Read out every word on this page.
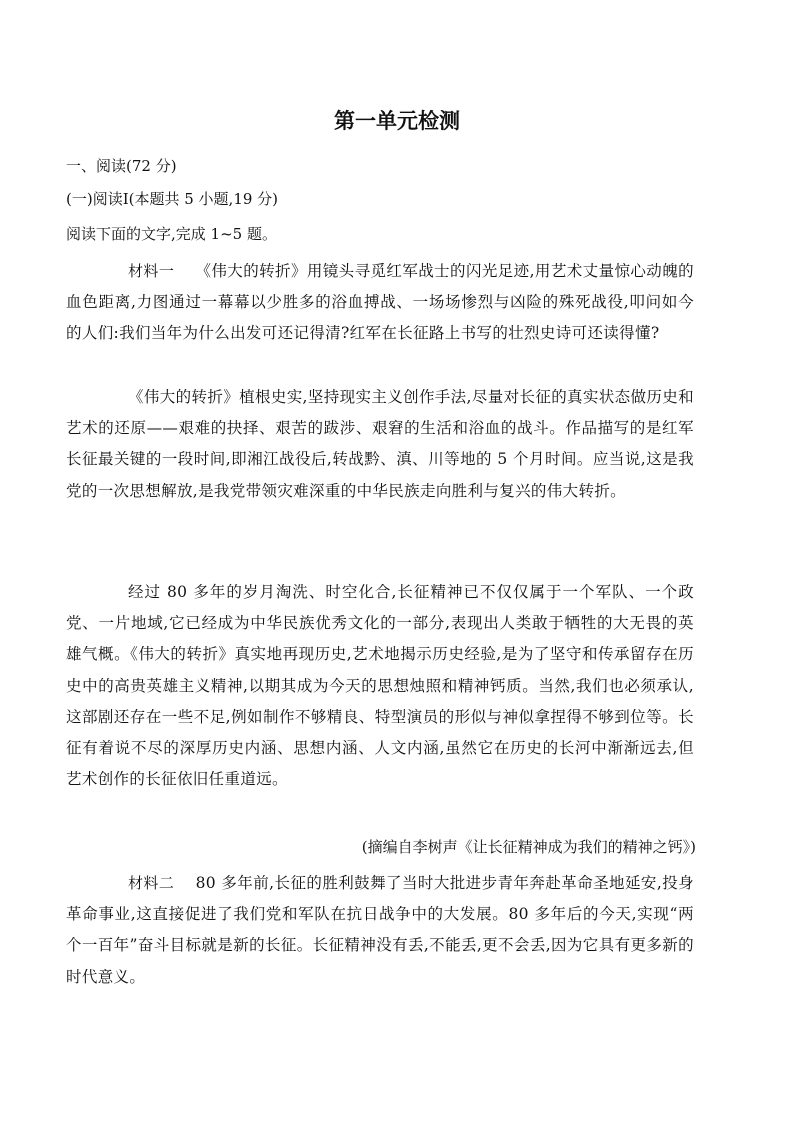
第一单元检测
一、阅读(72 分)
(一)阅读Ⅰ(本题共 5 小题,19 分)
阅读下面的文字,完成 1~5 题。
材料一　 《伟大的转折》用镜头寻觅红军战士的闪光足迹,用艺术丈量惊心动魄的血色距离,力图通过一幕幕以少胜多的浴血搏战、一场场惨烈与凶险的殊死战役,叩问如今的人们:我们当年为什么出发可还记得清?红军在长征路上书写的壮烈史诗可还读得懂?
《伟大的转折》植根史实,坚持现实主义创作手法,尽量对长征的真实状态做历史和艺术的还原——艰难的抉择、艰苦的跋涉、艰窘的生活和浴血的战斗。作品描写的是红军长征最关键的一段时间,即湘江战役后,转战黔、滇、川等地的 5 个月时间。应当说,这是我党的一次思想解放,是我党带领灾难深重的中华民族走向胜利与复兴的伟大转折。
经过 80 多年的岁月淘洗、时空化合,长征精神已不仅仅属于一个军队、一个政党、一片地域,它已经成为中华民族优秀文化的一部分,表现出人类敢于牺牲的大无畏的英雄气概。《伟大的转折》真实地再现历史,艺术地揭示历史经验,是为了坚守和传承留存在历史中的高贵英雄主义精神,以期其成为今天的思想烛照和精神钙质。当然,我们也必须承认,这部剧还存在一些不足,例如制作不够精良、特型演员的形似与神似拿捏得不够到位等。长征有着说不尽的深厚历史内涵、思想内涵、人文内涵,虽然它在历史的长河中渐渐远去,但艺术创作的长征依旧任重道远。
(摘编自李树声《让长征精神成为我们的精神之钙》)
材料二　 80 多年前,长征的胜利鼓舞了当时大批进步青年奔赴革命圣地延安,投身革命事业,这直接促进了我们党和军队在抗日战争中的大发展。80 多年后的今天,实现“两个一百年”奋斗目标就是新的长征。长征精神没有丢,不能丢,更不会丢,因为它具有更多新的时代意义。
